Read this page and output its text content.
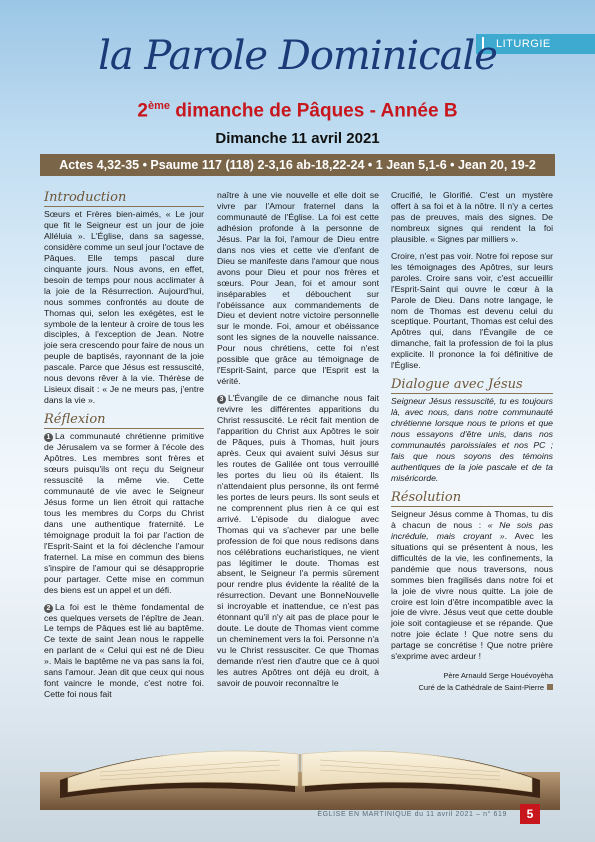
LITURGIE
la Parole Dominicale
2ème dimanche de Pâques - Année B
Dimanche 11 avril 2021
Actes 4,32-35 • Psaume 117 (118) 2-3,16 ab-18,22-24 • 1 Jean 5,1-6 • Jean 20, 19-2
Introduction

Sœurs et Frères bien-aimés, « Le jour que fit le Seigneur est un jour de joie Alléluia ». L'Église, dans sa sagesse, considère comme un seul jour l'octave de Pâques. Elle temps pascal dure cinquante jours. Nous avons, en effet, besoin de temps pour nous acclimater à la joie de la Résurrection. Aujourd'hui, nous sommes confrontés au doute de Thomas qui, selon les exégètes, est le symbole de la lenteur à croire de tous les disciples, à l'exception de Jean. Notre joie sera crescendo pour faire de nous un peuple de baptisés, rayonnant de la joie pascale. Parce que Jésus est ressuscité, nous devons rêver à la vie. Thérèse de Lisieux disait : « Je ne meurs pas, j'entre dans la vie ».

Réflexion

1 La communauté chrétienne primitive de Jérusalem va se former à l'école des Apôtres. Les membres sont frères et sœurs puisqu'ils ont reçu du Seigneur ressuscité la même vie. Cette communauté de vie avec le Seigneur Jésus forme un lien étroit qui rattache tous les membres du Corps du Christ dans une authentique fraternité. Le témoignage produit la foi par l'action de l'Esprit-Saint et la foi déclenche l'amour fraternel. La mise en commun des biens s'inspire de l'amour qui se désapproprie pour partager. Cette mise en commun des biens est un appel et un défi.

2 La foi est le thème fondamental de ces quelques versets de l'épître de Jean. Le temps de Pâques est lié au baptême. Ce texte de saint Jean nous le rappelle en parlant de « Celui qui est né de Dieu ». Mais le baptême ne va pas sans la foi, sans l'amour. Jean dit que ceux qui nous font vaincre le monde, c'est notre foi. Cette foi nous fait

naître à une vie nouvelle et elle doit se vivre par l'Amour fraternel dans la communauté de l'Église. La foi est cette adhésion profonde à la personne de Jésus. Par la foi, l'amour de Dieu entre dans nos vies et cette vie d'enfant de Dieu se manifeste dans l'amour que nous avons pour Dieu et pour nos frères et sœurs. Pour Jean, foi et amour sont inséparables et débouchent sur l'obéissance aux commandements de Dieu et devient notre victoire personnelle sur le monde. Foi, amour et obéissance sont les signes de la nouvelle naissance. Pour nous chrétiens, cette foi n'est possible que grâce au témoignage de l'Esprit-Saint, parce que l'Esprit est la vérité.

3 L'Évangile de ce dimanche nous fait revivre les différentes apparitions du Christ ressuscité. Le récit fait mention de l'apparition du Christ aux Apôtres le soir de Pâques, puis à Thomas, huit jours après. Ceux qui avaient suivi Jésus sur les routes de Galilée ont tous verrouillé les portes du lieu où ils étaient. Ils n'attendaient plus personne, ils ont fermé les portes de leurs peurs. Ils sont seuls et ne comprennent plus rien à ce qui est arrivé. L'épisode du dialogue avec Thomas qui va s'achever par une belle profession de foi que nous redisons dans nos célébrations eucharistiques, ne vient pas légitimer le doute. Thomas est absent, le Seigneur l'a permis sûrement pour rendre plus évidente la réalité de la résurrection. Devant une BonneNouvelle si incroyable et inattendue, ce n'est pas étonnant qu'il n'y ait pas de place pour le doute. Le doute de Thomas vient comme un cheminement vers la foi. Personne n'a vu le Christ ressusciter. Ce que Thomas demande n'est rien d'autre que ce à quoi les autres Apôtres ont déjà eu droit, à savoir de pouvoir reconnaître le

Crucifié, le Glorifié. C'est un mystère offert à sa foi et à la nôtre. Il n'y a certes pas de preuves, mais des signes. De nombreux signes qui rendent la foi plausible. « Signes par milliers ».

Croire, n'est pas voir. Notre foi repose sur les témoignages des Apôtres, sur leurs paroles. Croire sans voir, c'est accueillir l'Esprit-Saint qui ouvre le cœur à la Parole de Dieu. Dans notre langage, le nom de Thomas est devenu celui du sceptique. Pourtant, Thomas est celui des Apôtres qui, dans l'Évangile de ce dimanche, fait la profession de foi la plus explicite. Il prononce la foi définitive de l'Église.

Dialogue avec Jésus

Seigneur Jésus ressuscité, tu es toujours là, avec nous, dans notre communauté chrétienne lorsque nous te prions et que nous essayons d'être unis, dans nos communautés paroissiales et nos PC ; fais que nous soyons des témoins authentiques de la joie pascale et de ta miséricorde.

Résolution

Seigneur Jésus comme à Thomas, tu dis à chacun de nous : « Ne sois pas incrédule, mais croyant ». Avec les situations qui se présentent à nous, les difficultés de la vie, les confinements, la pandémie que nous traversons, nous sommes bien fragilisés dans notre foi et la joie de vivre nous quitte. La joie de croire est loin d'être incompatible avec la joie de vivre. Jésus veut que cette double joie soit contagieuse et se répande. Que notre joie éclate ! Que notre sens du partage se concrétise ! Que notre prière s'exprime avec ardeur !

Père Arnauld Serge Houévoyèha
Curé de la Cathédrale de Saint-Pierre
ÉGLISE EN MARTINIQUE du 11 avril 2021 – n° 619	5
